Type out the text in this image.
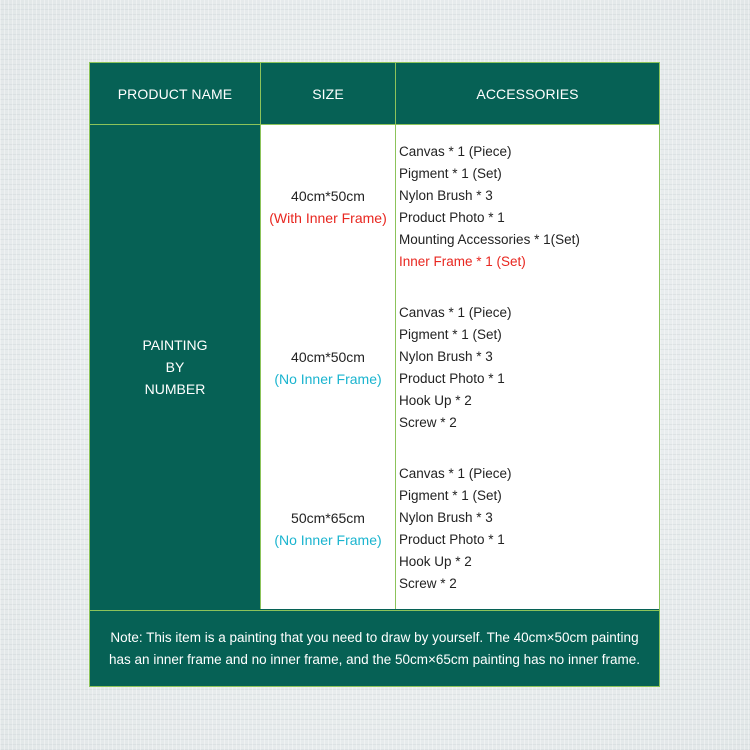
PRODUCT NAME	SIZE	ACCESSORIES
PAINTING
BY
NUMBER
40cm*50cm
(With Inner Frame)
Canvas * 1 (Piece)
Pigment * 1 (Set)
Nylon Brush * 3
Product Photo * 1
Mounting Accessories * 1(Set)
Inner Frame * 1 (Set)
40cm*50cm
(No Inner Frame)
Canvas * 1 (Piece)
Pigment * 1 (Set)
Nylon Brush * 3
Product Photo * 1
Hook Up * 2
Screw * 2
50cm*65cm
(No Inner Frame)
Canvas * 1 (Piece)
Pigment * 1 (Set)
Nylon Brush * 3
Product Photo * 1
Hook Up * 2
Screw * 2
Note: This item is a painting that you need to draw by yourself. The 40cm×50cm painting
has an inner frame and no inner frame, and the 50cm×65cm painting has no inner frame.
